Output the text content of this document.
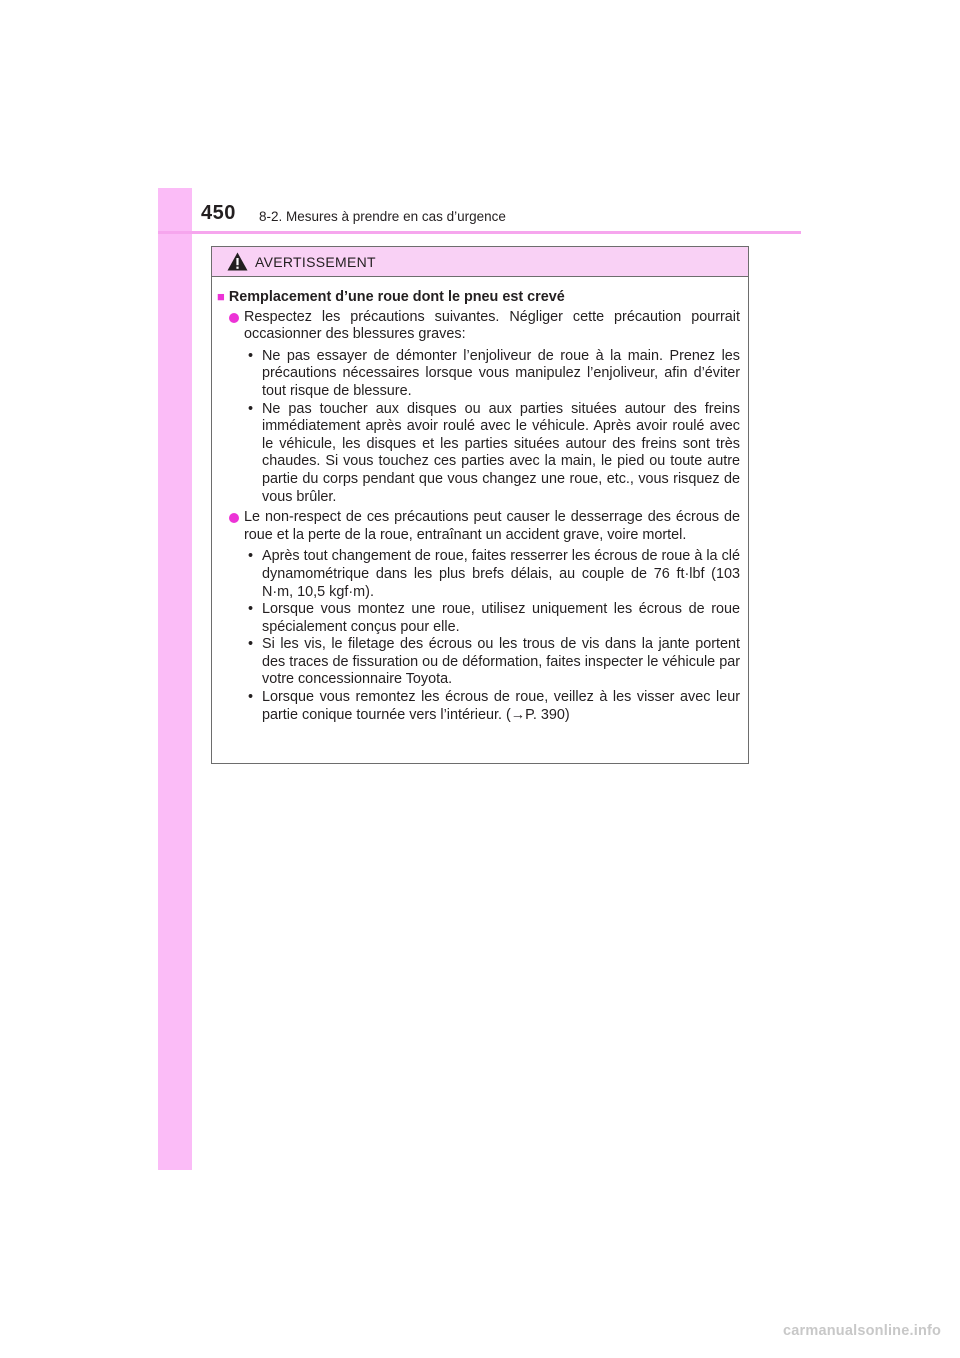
450 8-2. Mesures à prendre en cas d’urgence
AVERTISSEMENT
■ Remplacement d’une roue dont le pneu est crevé
Respectez les précautions suivantes. Négliger cette précaution pourrait occasionner des blessures graves:
• Ne pas essayer de démonter l’enjoliveur de roue à la main. Prenez les précautions nécessaires lorsque vous manipulez l’enjoliveur, afin d’éviter tout risque de blessure.
• Ne pas toucher aux disques ou aux parties situées autour des freins immédiatement après avoir roulé avec le véhicule. Après avoir roulé avec le véhicule, les disques et les parties situées autour des freins sont très chaudes. Si vous touchez ces parties avec la main, le pied ou toute autre partie du corps pendant que vous changez une roue, etc., vous risquez de vous brûler.
Le non-respect de ces précautions peut causer le desserrage des écrous de roue et la perte de la roue, entraînant un accident grave, voire mortel.
• Après tout changement de roue, faites resserrer les écrous de roue à la clé dynamométrique dans les plus brefs délais, au couple de 76 ft·lbf (103 N·m, 10,5 kgf·m).
• Lorsque vous montez une roue, utilisez uniquement les écrous de roue spécialement conçus pour elle.
• Si les vis, le filetage des écrous ou les trous de vis dans la jante portent des traces de fissuration ou de déformation, faites inspecter le véhicule par votre concessionnaire Toyota.
• Lorsque vous remontez les écrous de roue, veillez à les visser avec leur partie conique tournée vers l’intérieur. (→P. 390)
carmanualsonline.info
